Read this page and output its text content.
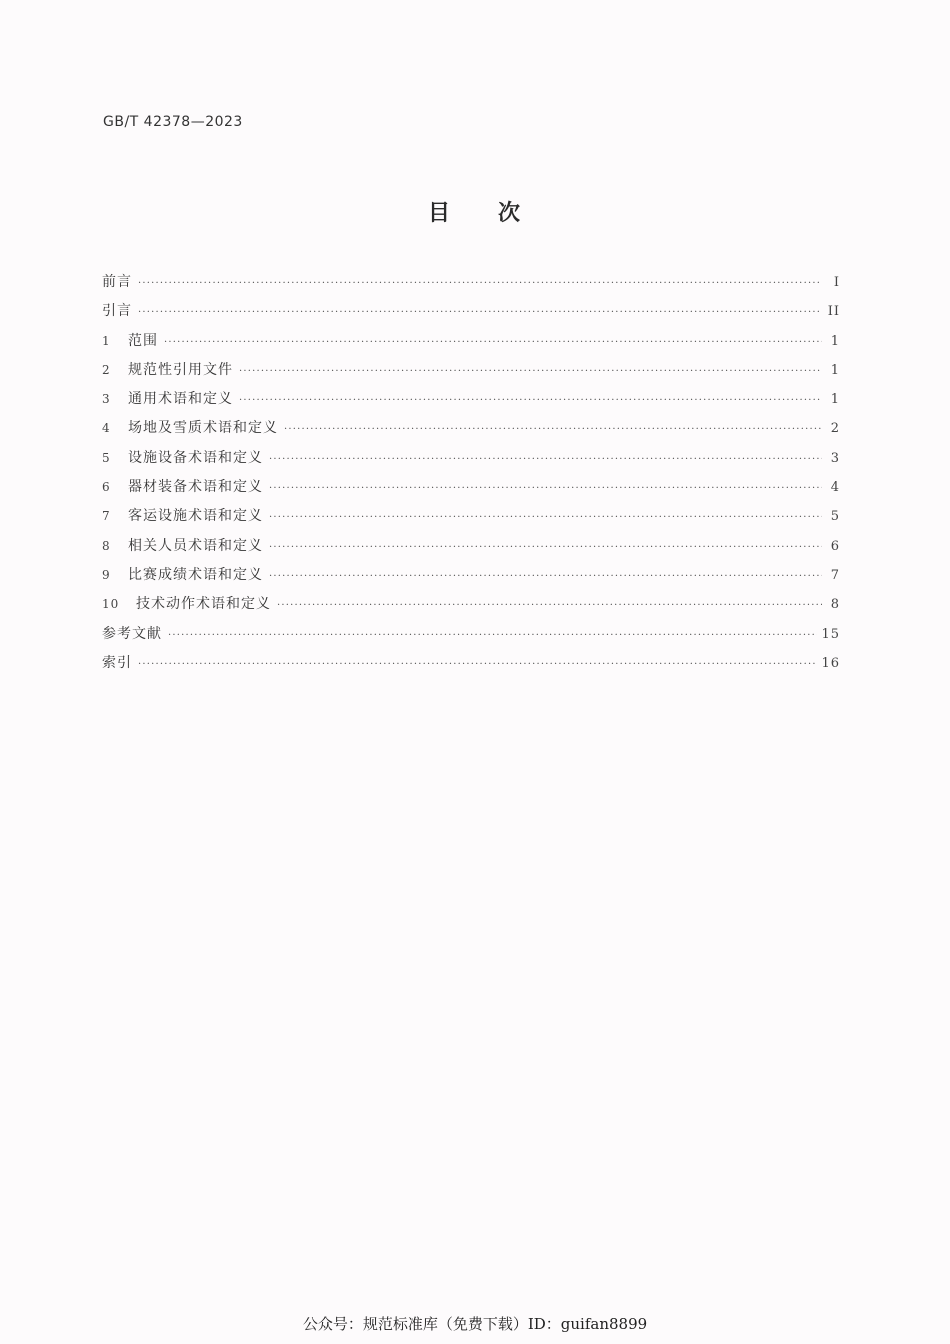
GB/T 42378—2023
目 次
前言 ·····	I
引言 ·····	II
1	范围 ·····	1
2	规范性引用文件 ·····	1
3	通用术语和定义 ·····	1
4	场地及雪质术语和定义 ·····	2
5	设施设备术语和定义 ·····	3
6	器材装备术语和定义 ·····	4
7	客运设施术语和定义 ·····	5
8	相关人员术语和定义 ·····	6
9	比赛成绩术语和定义 ·····	7
10	技术动作术语和定义 ·····	8
参考文献 ·····	15
索引 ·····	16
公众号：规范标准库（免费下载）ID：guifan8899
